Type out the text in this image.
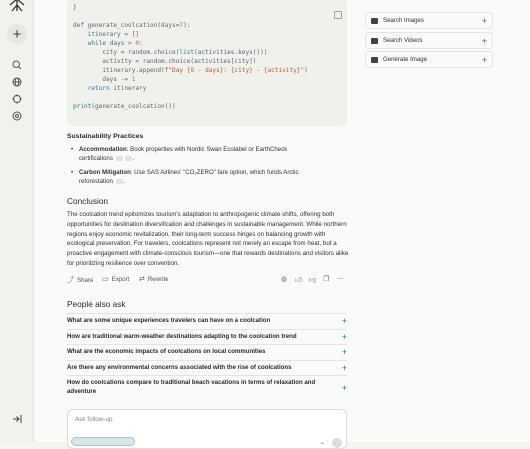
+
}
def generate_coolcation(days=7):
itinerary = []
while days > 0:
city = random.choice(list(activities.keys()))
activity = random.choice(activities[city])
itinerary.append(f"Day {8 - days}: {city} - {activity}")
days -= 1
return itinerary
print(generate_coolcation())
Search Images	+
Search Videos	+
Generate Image	+
Sustainability Practices
• Accommodation: Book properties with Nordic Swan Ecolabel or EarthCheck certifications	.
• Carbon Mitigation: Use SAS Airlines' "CO₂ZERO" fare option, which funds Arctic reforestation .
Conclusion
The coolcation trend epitomizes tourism's adaptation to anthropogenic climate shifts, offering both opportunities for destination diversification and challenges in sustainable management. While northern regions enjoy economic revitalization, their long-term success hinges on balancing growth with ecological preservation. For travelers, coolcations represent not merely an escape from heat, but a proactive engagement with climate-conscious tourism—one that rewards destinations and visitors alike for prioritizing resilience over convention.
⤴ Share ▭ Export ⇄ Rewrite	◍ 👍︎ 👎︎ ❐ ⋯
People also ask
What are some unique experiences travelers can have on a coolcation	+
How are traditional warm-weather destinations adapting to the coolcation trend	+
What are the economic impacts of coolcations on local communities	+
Are there any environmental concerns associated with the rise of coolcations	+
How do coolcations compare to traditional beach vacations in terms of relaxation and adventure	+
Ask follow-up
⌁
